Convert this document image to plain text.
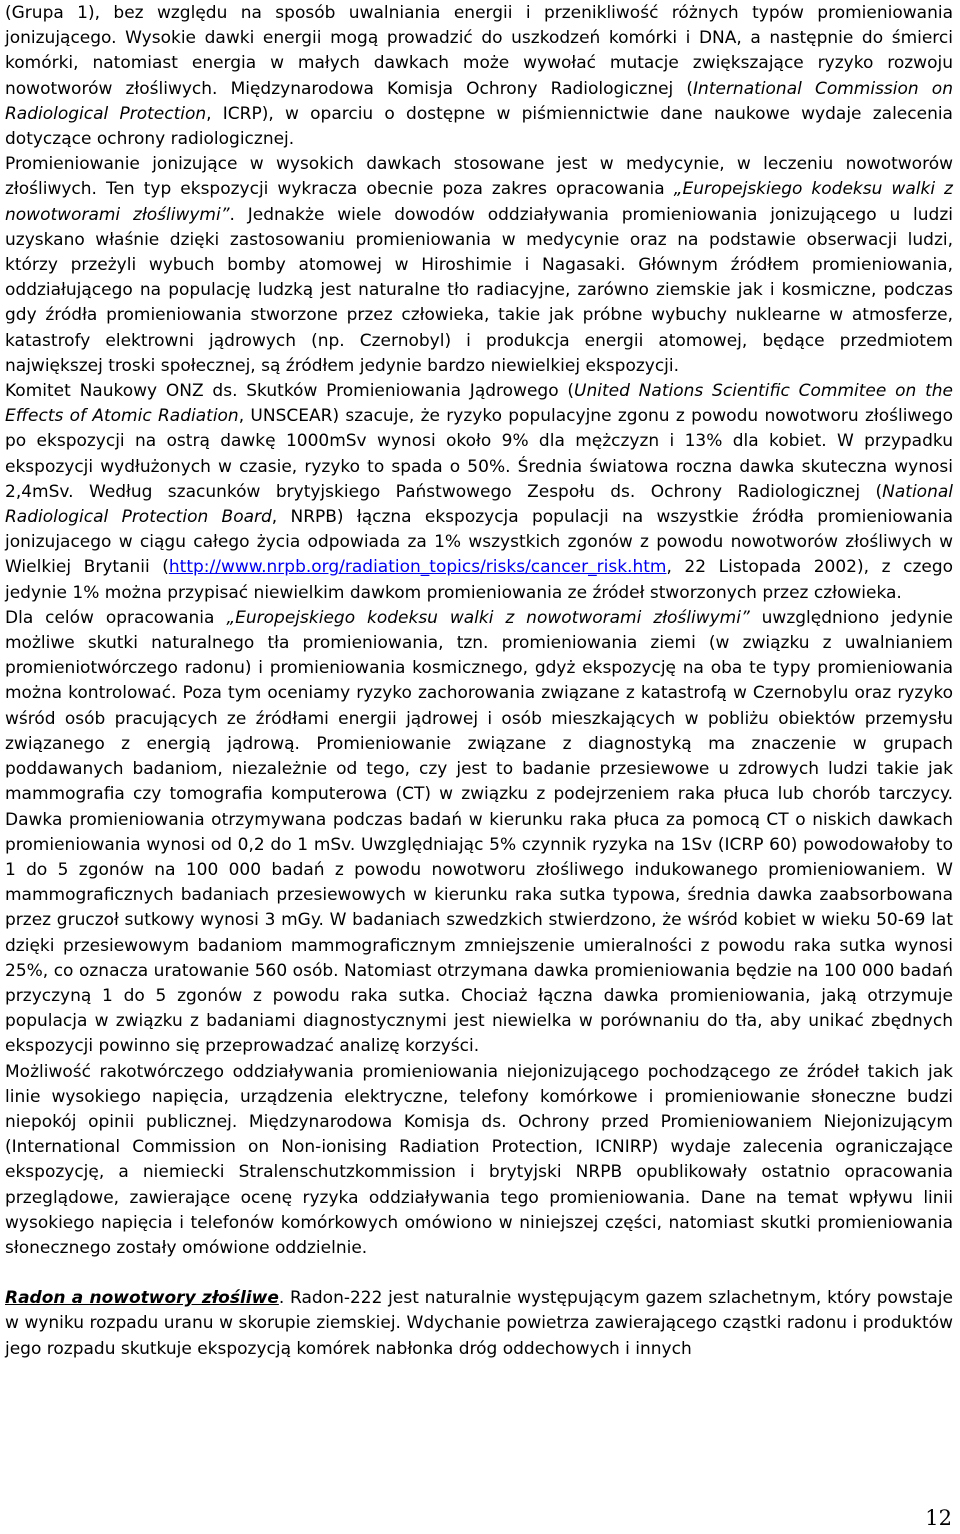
(Grupa 1), bez względu na sposób uwalniania energii i przenikliwość różnych typów promieniowania jonizującego. Wysokie dawki energii mogą prowadzić do uszkodzeń komórki i DNA, a następnie do śmierci komórki, natomiast energia w małych dawkach może wywołać mutacje zwiększające ryzyko rozwoju nowotworów złośliwych. Międzynarodowa Komisja Ochrony Radiologicznej (International Commission on Radiological Protection, ICRP), w oparciu o dostępne w piśmiennictwie dane naukowe wydaje zalecenia dotyczące ochrony radiologicznej.

Promieniowanie jonizujące w wysokich dawkach stosowane jest w medycynie, w leczeniu nowotworów złośliwych. Ten typ ekspozycji wykracza obecnie poza zakres opracowania „Europejskiego kodeksu walki z nowotworami złośliwymi”. Jednakże wiele dowodów oddziaływania promieniowania jonizującego u ludzi uzyskano właśnie dzięki zastosowaniu promieniowania w medycynie oraz na podstawie obserwacji ludzi, którzy przeżyli wybuch bomby atomowej w Hiroshimie i Nagasaki. Głównym źródłem promieniowania, oddziałującego na populację ludzką jest naturalne tło radiacyjne, zarówno ziemskie jak i kosmiczne, podczas gdy źródła promieniowania stworzone przez człowieka, takie jak próbne wybuchy nuklearne w atmosferze, katastrofy elektrowni jądrowych (np. Czernobyl) i produkcja energii atomowej, będące przedmiotem największej troski społecznej, są źródłem jedynie bardzo niewielkiej ekspozycji.

Komitet Naukowy ONZ ds. Skutków Promieniowania Jądrowego (United Nations Scientific Commitee on the Effects of Atomic Radiation, UNSCEAR) szacuje, że ryzyko populacyjne zgonu z powodu nowotworu złośliwego po ekspozycji na ostrą dawkę 1000mSv wynosi około 9% dla mężczyzn i 13% dla kobiet. W przypadku ekspozycji wydłużonych w czasie, ryzyko to spada o 50%. Średnia światowa roczna dawka skuteczna wynosi 2,4mSv. Według szacunków brytyjskiego Państwowego Zespołu ds. Ochrony Radiologicznej (National Radiological Protection Board, NRPB) łączna ekspozycja populacji na wszystkie źródła promieniowania jonizujacego w ciągu całego życia odpowiada za 1% wszystkich zgonów z powodu nowotworów złośliwych w Wielkiej Brytanii (http://www.nrpb.org/radiation_topics/risks/cancer_risk.htm, 22 Listopada 2002), z czego jedynie 1% można przypisać niewielkim dawkom promieniowania ze źródeł stworzonych przez człowieka.

Dla celów opracowania „Europejskiego kodeksu walki z nowotworami złośliwymi” uwzględniono jedynie możliwe skutki naturalnego tła promieniowania, tzn. promieniowania ziemi (w związku z uwalnianiem promieniotwórczego radonu) i promieniowania kosmicznego, gdyż ekspozycję na oba te typy promieniowania można kontrolować. Poza tym oceniamy ryzyko zachorowania związane z katastrofą w Czernobylu oraz ryzyko wśród osób pracujących ze źródłami energii jądrowej i osób mieszkających w pobliżu obiektów przemysłu związanego z energią jądrową. Promieniowanie związane z diagnostyką ma znaczenie w grupach poddawanych badaniom, niezależnie od tego, czy jest to badanie przesiewowe u zdrowych ludzi takie jak mammografia czy tomografia komputerowa (CT) w związku z podejrzeniem raka płuca lub chorób tarczycy. Dawka promieniowania otrzymywana podczas badań w kierunku raka płuca za pomocą CT o niskich dawkach promieniowania wynosi od 0,2 do 1 mSv. Uwzględniając 5% czynnik ryzyka na 1Sv (ICRP 60) powodowałoby to 1 do 5 zgonów na 100 000 badań z powodu nowotworu złośliwego indukowanego promieniowaniem. W mammograficznych badaniach przesiewowych w kierunku raka sutka typowa, średnia dawka zaabsorbowana przez gruczoł sutkowy wynosi 3 mGy. W badaniach szwedzkich stwierdzono, że wśród kobiet w wieku 50-69 lat dzięki przesiewowym badaniom mammograficznym zmniejszenie umieralności z powodu raka sutka wynosi 25%, co oznacza uratowanie 560 osób. Natomiast otrzymana dawka promieniowania będzie na 100 000 badań przyczyną 1 do 5 zgonów z powodu raka sutka. Chociaż łączna dawka promieniowania, jaką otrzymuje populacja w związku z badaniami diagnostycznymi jest niewielka w porównaniu do tła, aby unikać zbędnych ekspozycji powinno się przeprowadzać analizę korzyści.

Możliwość rakotwórczego oddziaływania promieniowania niejonizującego pochodzącego ze źródeł takich jak linie wysokiego napięcia, urządzenia elektryczne, telefony komórkowe i promieniowanie słoneczne budzi niepokój opinii publicznej. Międzynarodowa Komisja ds. Ochrony przed Promieniowaniem Niejonizującym (International Commission on Non-ionising Radiation Protection, ICNIRP) wydaje zalecenia ograniczające ekspozycję, a niemiecki Stralenschutzkommission i brytyjski NRPB opublikowały ostatnio opracowania przeglądowe, zawierające ocenę ryzyka oddziaływania tego promieniowania. Dane na temat wpływu linii wysokiego napięcia i telefonów komórkowych omówiono w niniejszej części, natomiast skutki promieniowania słonecznego zostały omówione oddzielnie.

Radon a nowotwory złośliwe. Radon-222 jest naturalnie występującym gazem szlachetnym, który powstaje w wyniku rozpadu uranu w skorupie ziemskiej. Wdychanie powietrza zawierającego cząstki radonu i produktów jego rozpadu skutkuje ekspozycją komórek nabłonka dróg oddechowych i innych

12
